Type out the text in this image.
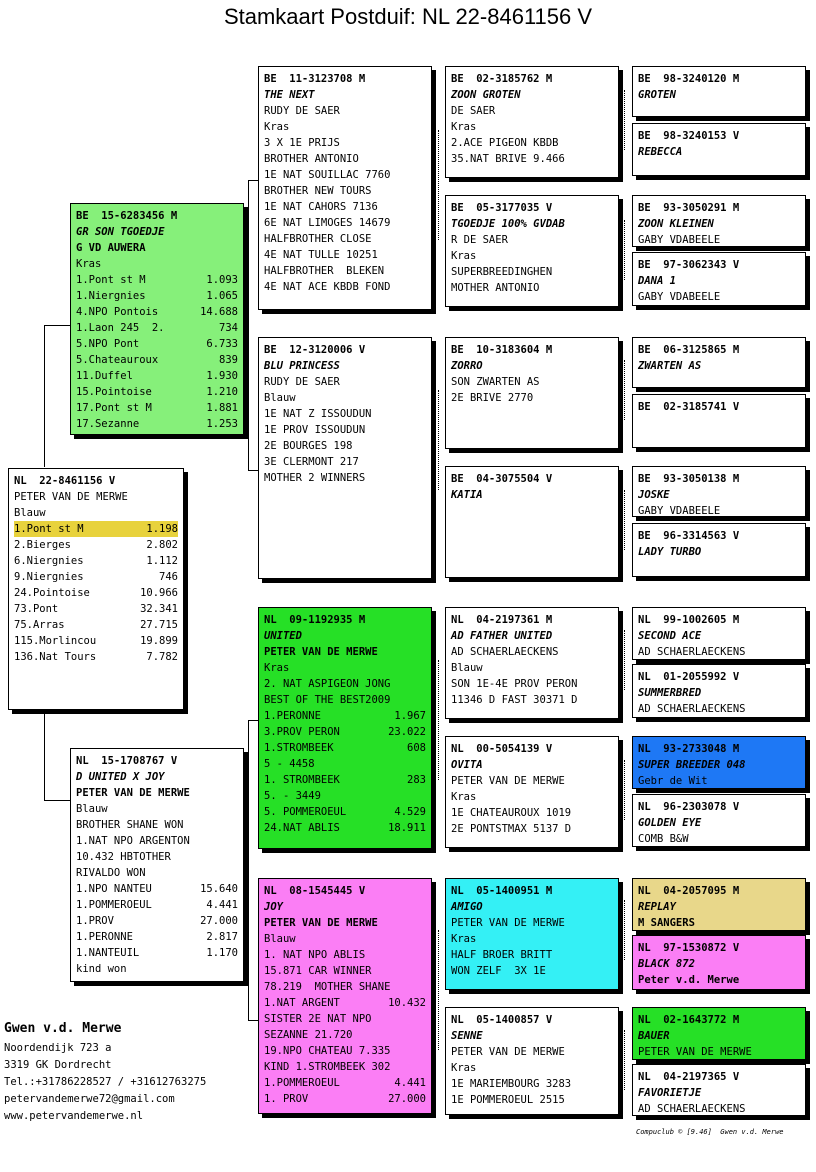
Stamkaart Postduif: NL 22-8461156 V
NL  22-8461156 V
PETER VAN DE MERWE
Blauw
1.Pont st M	1.198
2.Bierges	2.802
6.Niergnies	1.112
9.Niergnies	746
24.Pointoise	10.966
73.Pont	32.341
75.Arras	27.715
115.Morlincou	19.899
136.Nat Tours	7.782
BE  15-6283456 M
GR SON TGOEDJE
G VD AUWERA
Kras
1.Pont st M	1.093
1.Niergnies	1.065
4.NPO Pontois	14.688
1.Laon 245  2.	734
5.NPO Pont	6.733
5.Chateauroux	839
11.Duffel	1.930
15.Pointoise	1.210
17.Pont st M	1.881
17.Sezanne	1.253
NL  15-1708767 V
D UNITED X JOY
PETER VAN DE MERWE
Blauw
BROTHER SHANE WON
1.NAT NPO ARGENTON
10.432 HBTOTHER
RIVALDO WON
1.NPO NANTEU	15.640
1.POMMEROEUL	4.441
1.PROV	27.000
1.PERONNE	2.817
1.NANTEUIL	1.170
kind won
BE  11-3123708 M
THE NEXT
RUDY DE SAER
Kras
3 X 1E PRIJS
BROTHER ANTONIO
1E NAT SOUILLAC 7760
BROTHER NEW TOURS
1E NAT CAHORS 7136
6E NAT LIMOGES 14679
HALFBROTHER CLOSE
4E NAT TULLE 10251
HALFBROTHER  BLEKEN
4E NAT ACE KBDB FOND
BE  12-3120006 V
BLU PRINCESS
RUDY DE SAER
Blauw
1E NAT Z ISSOUDUN
1E PROV ISSOUDUN
2E BOURGES 198
3E CLERMONT 217
MOTHER 2 WINNERS
NL  09-1192935 M
UNITED
PETER VAN DE MERWE
Kras
2. NAT ASPIGEON JONG
BEST OF THE BEST2009
1.PERONNE	1.967
3.PROV PERON	23.022
1.STROMBEEK	608
5 - 4458
1. STROMBEEK	283
5. - 3449
5. POMMEROEUL	4.529
24.NAT ABLIS	18.911
NL  08-1545445 V
JOY
PETER VAN DE MERWE
Blauw
1. NAT NPO ABLIS
15.871 CAR WINNER
78.219  MOTHER SHANE
1.NAT ARGENT	10.432
SISTER 2E NAT NPO
SEZANNE 21.720
19.NPO CHATEAU 7.335
KIND 1.STROMBEEK 302
1.POMMEROEUL	4.441
1. PROV	27.000
BE  02-3185762 M
ZOON GROTEN
DE SAER
Kras
2.ACE PIGEON KBDB
35.NAT BRIVE 9.466
BE  05-3177035 V
TGOEDJE 100% GVDAB
R DE SAER
Kras
SUPERBREEDINGHEN
MOTHER ANTONIO
BE  10-3183604 M
ZORRO
SON ZWARTEN AS
2E BRIVE 2770
BE  04-3075504 V
KATIA
NL  04-2197361 M
AD FATHER UNITED
AD SCHAERLAECKENS
Blauw
SON 1E-4E PROV PERON
11346 D FAST 30371 D
NL  00-5054139 V
OVITA
PETER VAN DE MERWE
Kras
1E CHATEAUROUX 1019
2E PONTSTMAX 5137 D
NL  05-1400951 M
AMIGO
PETER VAN DE MERWE
Kras
HALF BROER BRITT
WON ZELF  3X 1E
NL  05-1400857 V
SENNE
PETER VAN DE MERWE
Kras
1E MARIEMBOURG 3283
1E POMMEROEUL 2515
BE  98-3240120 M
GROTEN
BE  98-3240153 V
REBECCA
BE  93-3050291 M
ZOON KLEINEN
GABY VDABEELE
BE  97-3062343 V
DANA 1
GABY VDABEELE
BE  06-3125865 M
ZWARTEN AS
BE  02-3185741 V
BE  93-3050138 M
JOSKE
GABY VDABEELE
BE  96-3314563 V
LADY TURBO
NL  99-1002605 M
SECOND ACE
AD SCHAERLAECKENS
NL  01-2055992 V
SUMMERBRED
AD SCHAERLAECKENS
NL  93-2733048 M
SUPER BREEDER 048
Gebr de Wit
NL  96-2303078 V
GOLDEN EYE
COMB B&W
NL  04-2057095 M
REPLAY
M SANGERS
NL  97-1530872 V
BLACK 872
Peter v.d. Merwe
NL  02-1643772 M
BAUER
PETER VAN DE MERWE
NL  04-2197365 V
FAVORIETJE
AD SCHAERLAECKENS
Gwen v.d. Merwe
Noordendijk 723 a
3319 GK Dordrecht
Tel.:+31786228527 / +31612763275
petervandemerwe72@gmail.com
www.petervandemerwe.nl
Compuclub © [9.46]  Gwen v.d. Merwe
